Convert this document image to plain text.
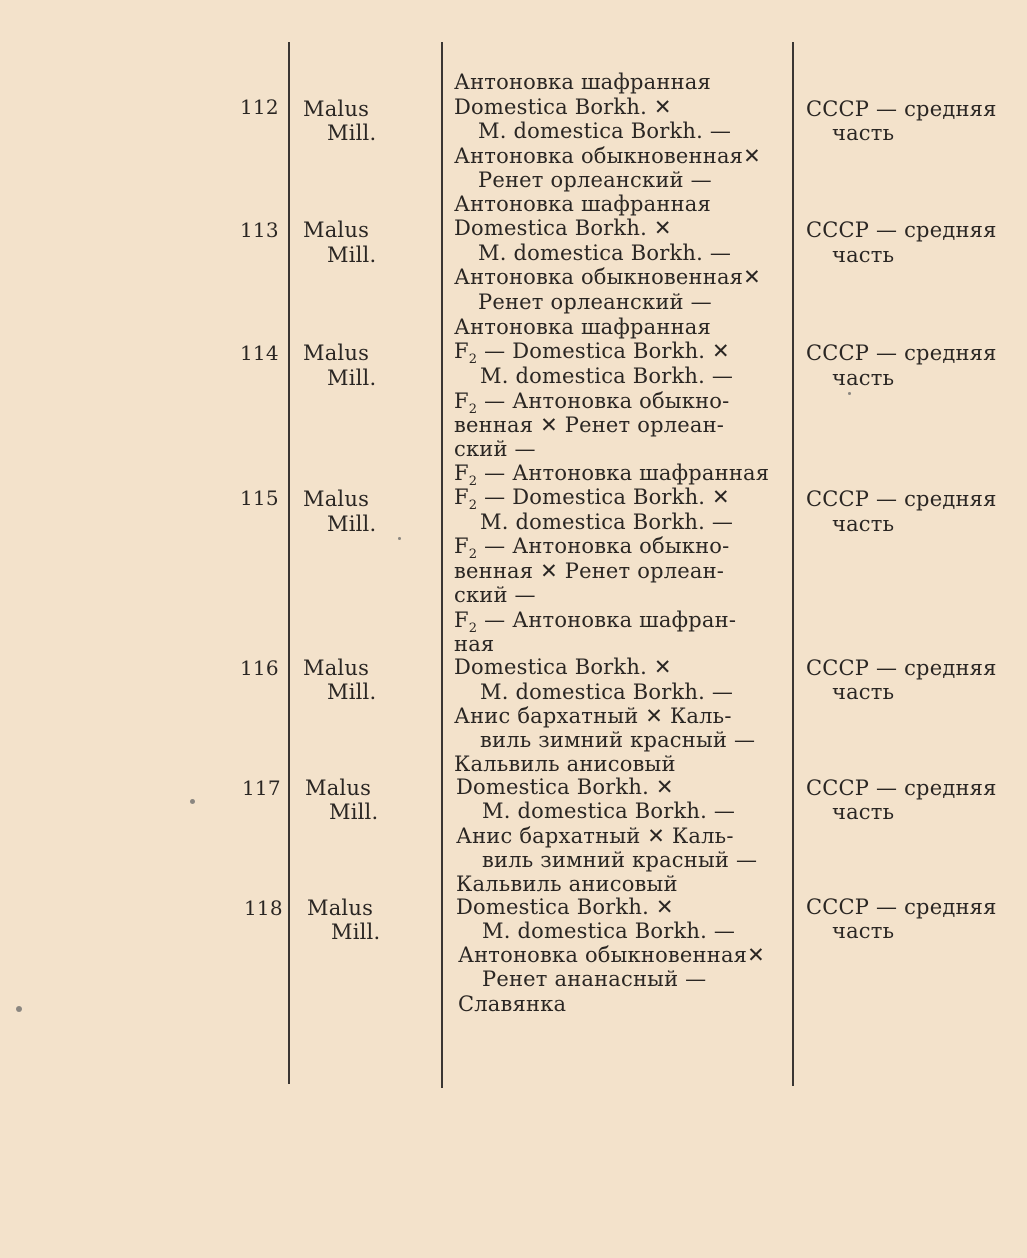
112 Malus
Mill.
Антоновка шафранная
Domestica Borkh. ✕
M. domestica Borkh. —
Антоновка обыкновенная✕
Ренет орлеанский —
СССР — средняя
часть
113 Malus
Mill.
Антоновка шафранная
Domestica Borkh. ✕
M. domestica Borkh. —
Антоновка обыкновенная✕
Ренет орлеанский —
СССР — средняя
часть
114 Malus
Mill.
Антоновка шафранная
$F_2$ — Domestica Borkh. ✕
M. domestica Borkh. —
$F_2$ — Антоновка обыкно-
венная ✕ Ренет орлеан-
ский —
СССР — средняя
часть
115 Malus
Mill.
$F_2$ — Антоновка шафранная
$F_2$ — Domestica Borkh. ✕
M. domestica Borkh. —
$F_2$ — Антоновка обыкно-
венная ✕ Ренет орлеан-
ский —
$F_2$ — Антоновка шафран-
ная
СССР — средняя
часть
116 Malus
Mill.
Domestica Borkh. ✕
M. domestica Borkh. —
Анис бархатный ✕ Каль-
виль зимний красный —
Кальвиль анисовый
СССР — средняя
часть
117 Malus
Mill.
Domestica Borkh. ✕
M. domestica Borkh. —
Анис бархатный ✕ Каль-
виль зимний красный —
Кальвиль анисовый
СССР — средняя
часть
118 Malus
Mill.
Domestica Borkh. ✕
M. domestica Borkh. —
Антоновка обыкновенная✕
Ренет ананасный —
Славянка
СССР — средняя
часть
